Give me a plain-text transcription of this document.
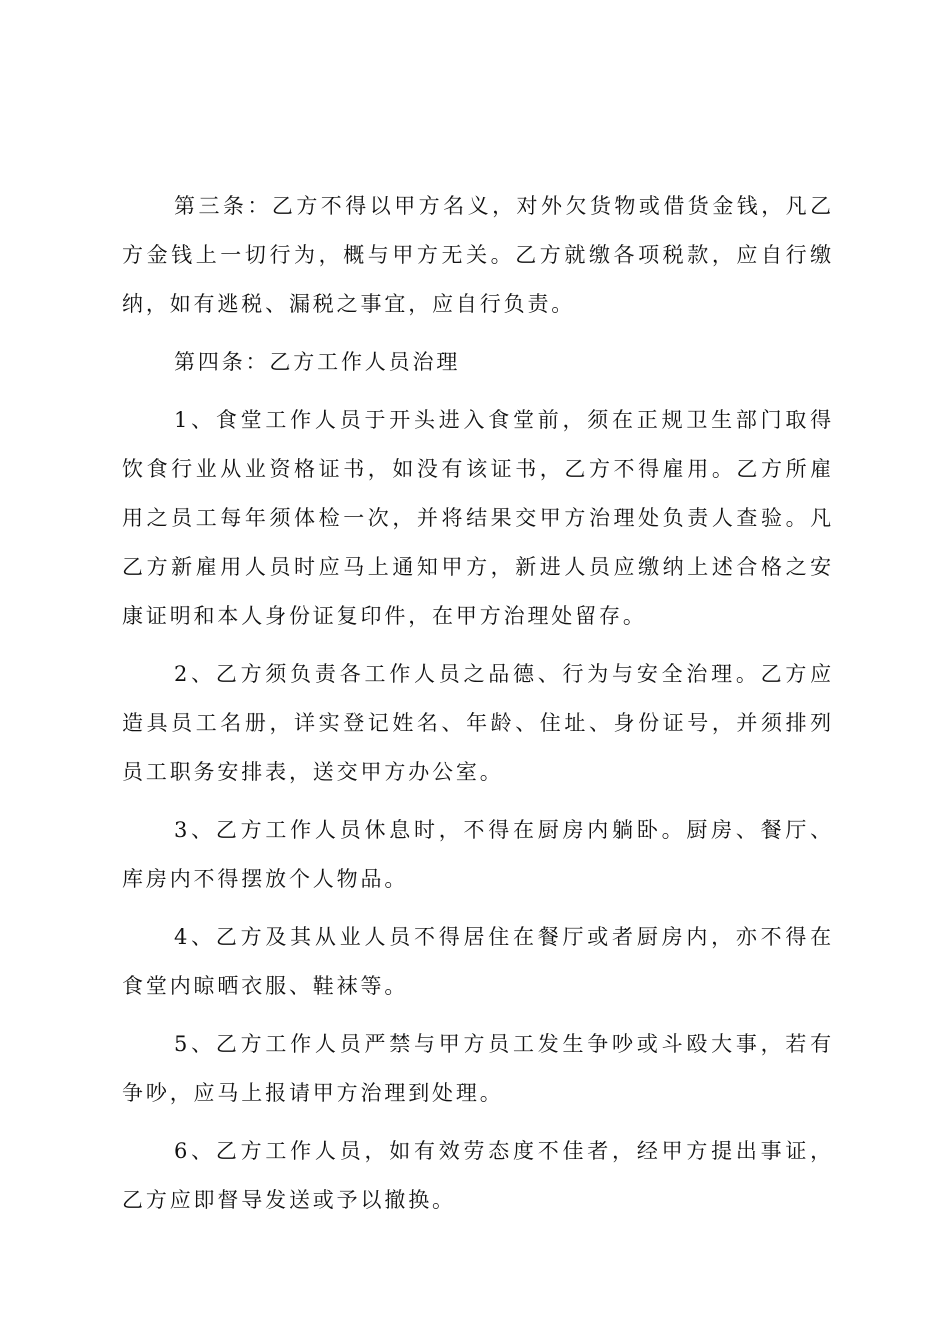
第三条：乙方不得以甲方名义，对外欠货物或借货金钱，凡乙方金钱上一切行为，概与甲方无关。乙方就缴各项税款，应自行缴纳，如有逃税、漏税之事宜，应自行负责。

第四条：乙方工作人员治理

1、食堂工作人员于开头进入食堂前，须在正规卫生部门取得饮食行业从业资格证书，如没有该证书，乙方不得雇用。乙方所雇用之员工每年须体检一次，并将结果交甲方治理处负责人查验。凡乙方新雇用人员时应马上通知甲方，新进人员应缴纳上述合格之安康证明和本人身份证复印件，在甲方治理处留存。

2、乙方须负责各工作人员之品德、行为与安全治理。乙方应造具员工名册，详实登记姓名、年龄、住址、身份证号，并须排列员工职务安排表，送交甲方办公室。

3、乙方工作人员休息时，不得在厨房内躺卧。厨房、餐厅、库房内不得摆放个人物品。

4、乙方及其从业人员不得居住在餐厅或者厨房内，亦不得在食堂内晾晒衣服、鞋袜等。

5、乙方工作人员严禁与甲方员工发生争吵或斗殴大事，若有争吵，应马上报请甲方治理到处理。

6、乙方工作人员，如有效劳态度不佳者，经甲方提出事证，乙方应即督导发送或予以撤换。
